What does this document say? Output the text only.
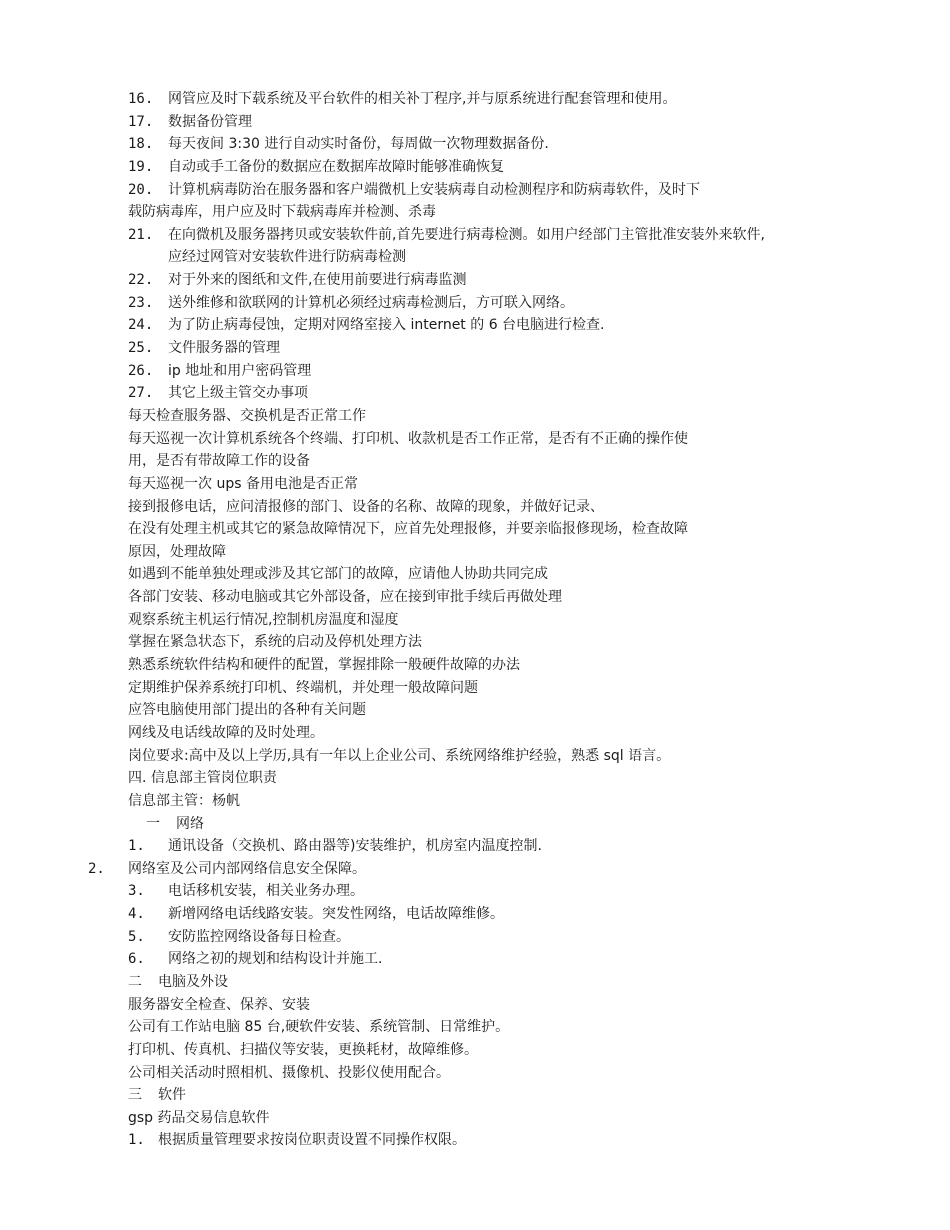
16. 网管应及时下载系统及平台软件的相关补丁程序,并与原系统进行配套管理和使用。
17. 数据备份管理
18. 每天夜间 3:30 进行自动实时备份，每周做一次物理数据备份.
19. 自动或手工备份的数据应在数据库故障时能够准确恢复
20. 计算机病毒防治在服务器和客户端微机上安装病毒自动检测程序和防病毒软件，及时下
载防病毒库，用户应及时下载病毒库并检测、杀毒
21. 在向微机及服务器拷贝或安装软件前,首先要进行病毒检测。如用户经部门主管批准安装外来软件,
应经过网管对安装软件进行防病毒检测
22. 对于外来的图纸和文件,在使用前要进行病毒监测
23. 送外维修和欲联网的计算机必须经过病毒检测后，方可联入网络。
24. 为了防止病毒侵蚀，定期对网络室接入 internet 的 6 台电脑进行检查.
25. 文件服务器的管理
26. ip 地址和用户密码管理
27. 其它上级主管交办事项
每天检查服务器、交换机是否正常工作
每天巡视一次计算机系统各个终端、打印机、收款机是否工作正常，是否有不正确的操作使
用，是否有带故障工作的设备
每天巡视一次 ups 备用电池是否正常
接到报修电话，应问清报修的部门、设备的名称、故障的现象，并做好记录、
在没有处理主机或其它的紧急故障情况下，应首先处理报修，并要亲临报修现场，检查故障
原因，处理故障
如遇到不能单独处理或涉及其它部门的故障，应请他人协助共同完成
各部门安装、移动电脑或其它外部设备，应在接到审批手续后再做处理
观察系统主机运行情况,控制机房温度和湿度
掌握在紧急状态下，系统的启动及停机处理方法
熟悉系统软件结构和硬件的配置，掌握排除一般硬件故障的办法
定期维护保养系统打印机、终端机，并处理一般故障问题
应答电脑使用部门提出的各种有关问题
网线及电话线故障的及时处理。
岗位要求:高中及以上学历,具有一年以上企业公司、系统网络维护经验，熟悉 sql 语言。
四. 信息部主管岗位职责
信息部主管：杨帆
一 网络
1. 通讯设备（交换机、路由器等)安装维护，机房室内温度控制.
2. 网络室及公司内部网络信息安全保障。
3. 电话移机安装，相关业务办理。
4. 新增网络电话线路安装。突发性网络，电话故障维修。
5. 安防监控网络设备每日检查。
6. 网络之初的规划和结构设计并施工.
二 电脑及外设
服务器安全检查、保养、安装
公司有工作站电脑 85 台,硬软件安装、系统管制、日常维护。
打印机、传真机、扫描仪等安装，更换耗材，故障维修。
公司相关活动时照相机、摄像机、投影仪使用配合。
三 软件
gsp 药品交易信息软件
1. 根据质量管理要求按岗位职责设置不同操作权限。
